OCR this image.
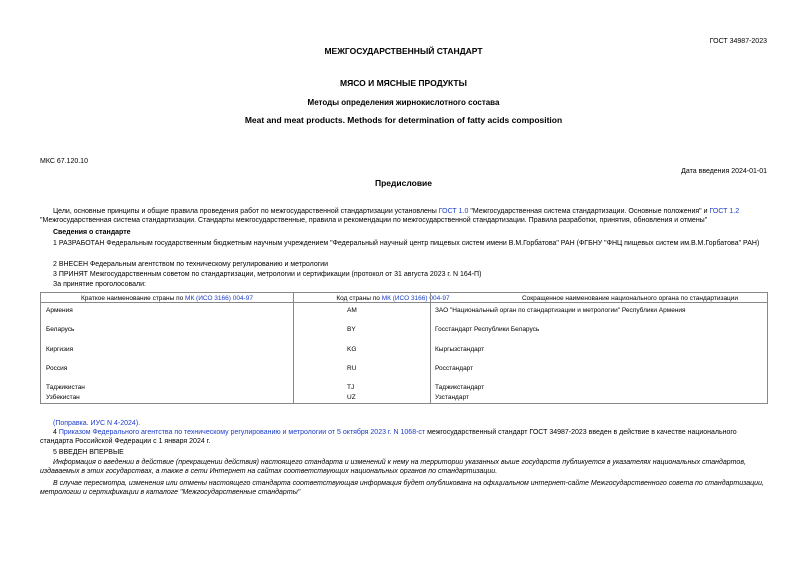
ГОСТ 34987-2023
МЕЖГОСУДАРСТВЕННЫЙ СТАНДАРТ
МЯСО И МЯСНЫЕ ПРОДУКТЫ
Методы определения жирнокислотного состава
Meat and meat products. Methods for determination of fatty acids composition
МКС 67.120.10
Дата введения 2024-01-01
Предисловие
Цели, основные принципы и общие правила проведения работ по межгосударственной стандартизации установлены ГОСТ 1.0 "Межгосударственная система стандартизации. Основные положения" и ГОСТ 1.2 "Межгосударственная система стандартизации. Стандарты межгосударственные, правила и рекомендации по межгосударственной стандартизации. Правила разработки, принятия, обновления и отмены"
Сведения о стандарте
1 РАЗРАБОТАН Федеральным государственным бюджетным научным учреждением "Федеральный научный центр пищевых систем имени В.М.Горбатова" РАН (ФГБНУ "ФНЦ пищевых систем им.В.М.Горбатова" РАН)
2 ВНЕСЕН Федеральным агентством по техническому регулированию и метрологии
3 ПРИНЯТ Межгосударственным советом по стандартизации, метрологии и сертификации (протокол от 31 августа 2023 г. N 164-П)
За принятие проголосовали:
Краткое наименование страны по МК (ИСО 3166) 004-97	Код страны по МК (ИСО 3166) 004-97	Сокращенное наименование национального органа по стандартизации
Армения	AM	ЗАО "Национальный орган по стандартизации и метрологии" Республики Армения
Беларусь	BY	Госстандарт Республики Беларусь
Киргизия	KG	Кыргызстандарт
Россия	RU	Росстандарт
Таджикистан	TJ	Таджикстандарт
Узбекистан	UZ	Узстандарт
(Поправка. ИУС N 4-2024).
4 Приказом Федерального агентства по техническому регулированию и метрологии от 5 октября 2023 г. N 1068-ст межгосударственный стандарт ГОСТ 34987-2023 введен в действие в качестве национального стандарта Российской Федерации с 1 января 2024 г.
5 ВВЕДЕН ВПЕРВЫЕ
Информация о введении в действие (прекращении действия) настоящего стандарта и изменений к нему на территории указанных выше государств публикуется в указателях национальных стандартов, издаваемых в этих государствах, а также в сети Интернет на сайтах соответствующих национальных органов по стандартизации.
В случае пересмотра, изменения или отмены настоящего стандарта соответствующая информация будет опубликована на официальном интернет-сайте Межгосударственного совета по стандартизации, метрологии и сертификации в каталоге "Межгосударственные стандарты"
